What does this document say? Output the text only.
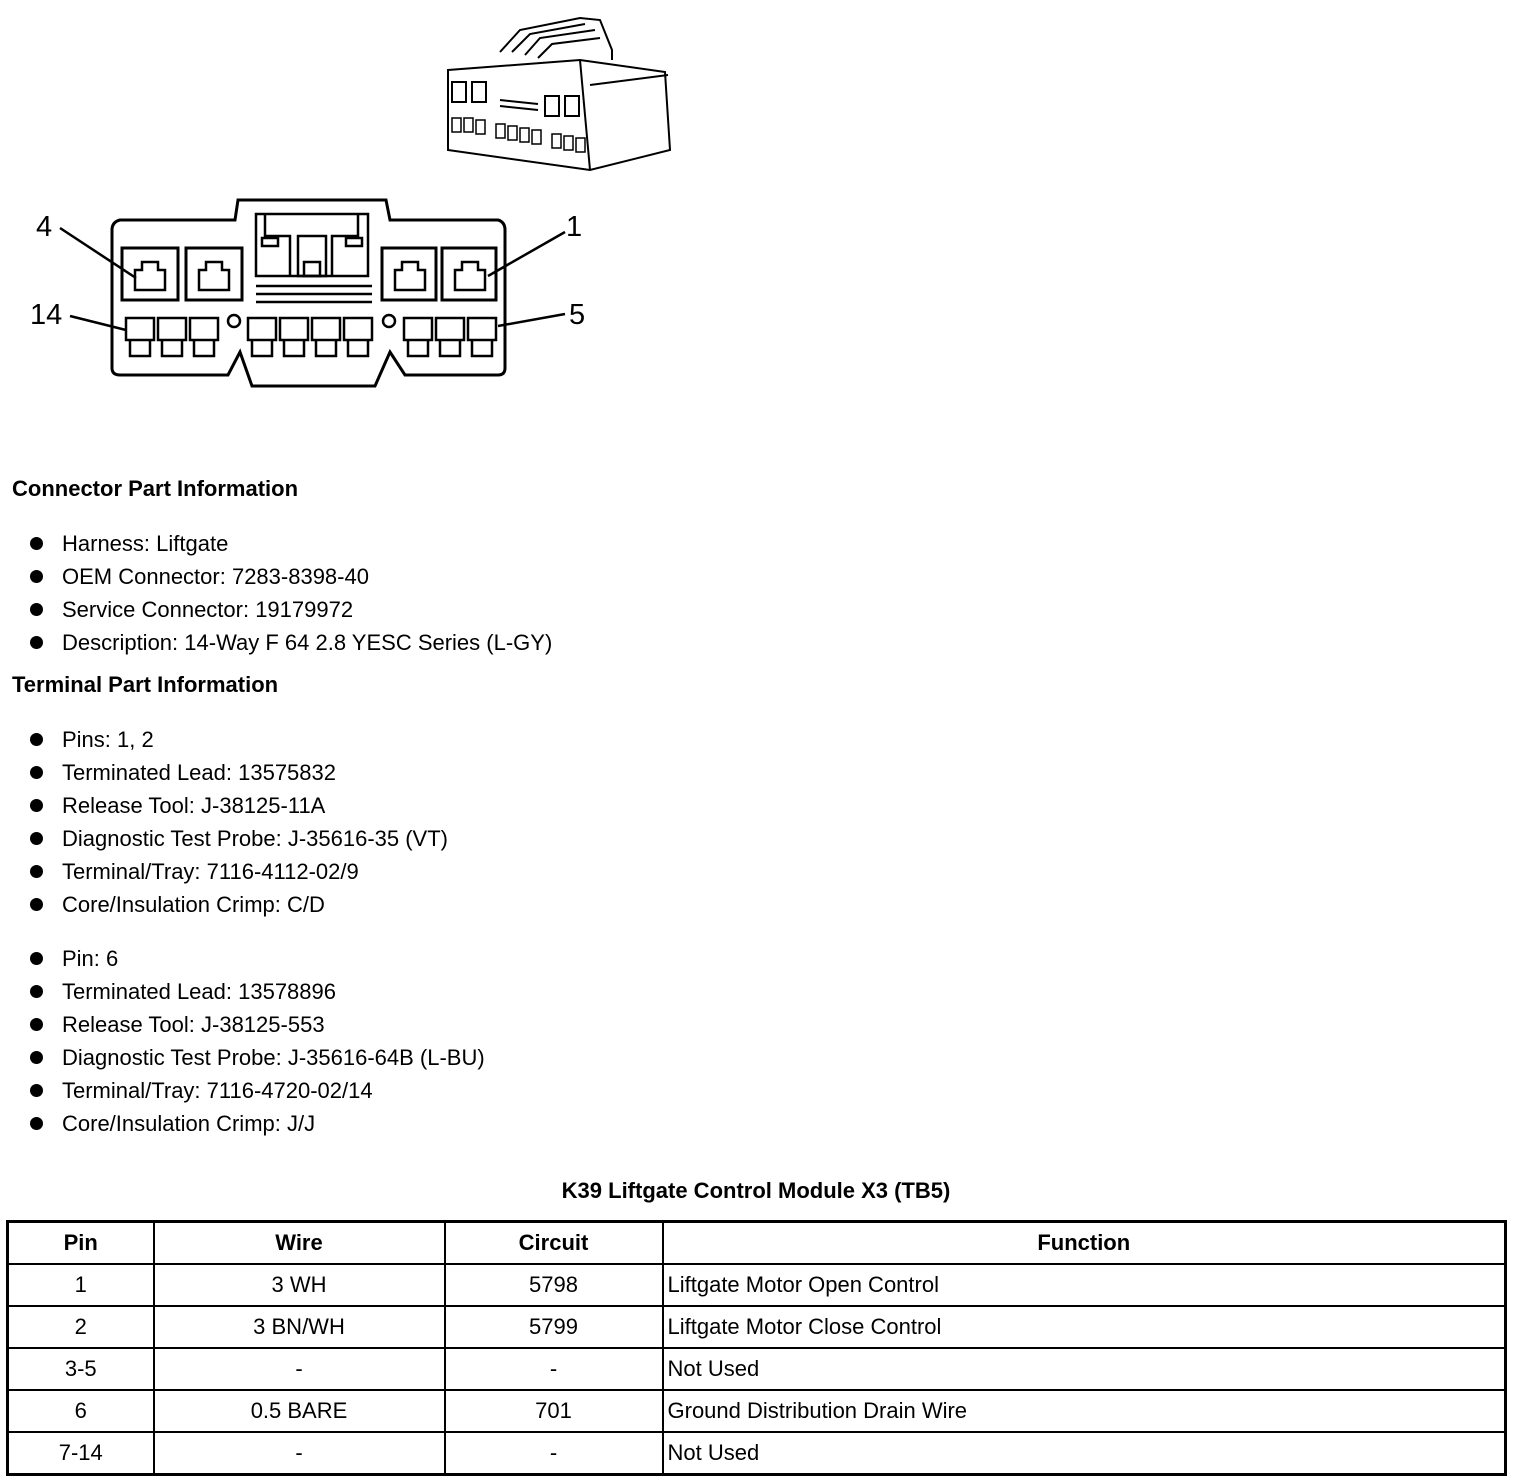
4	1
14	5
Connector Part Information
Harness: Liftgate
OEM Connector: 7283-8398-40
Service Connector: 19179972
Description: 14-Way F 64 2.8 YESC Series (L-GY)
Terminal Part Information
Pins: 1, 2
Terminated Lead: 13575832
Release Tool: J-38125-11A
Diagnostic Test Probe: J-35616-35 (VT)
Terminal/Tray: 7116-4112-02/9
Core/Insulation Crimp: C/D
Pin: 6
Terminated Lead: 13578896
Release Tool: J-38125-553
Diagnostic Test Probe: J-35616-64B (L-BU)
Terminal/Tray: 7116-4720-02/14
Core/Insulation Crimp: J/J
K39 Liftgate Control Module X3 (TB5)
Pin	Wire	Circuit	Function
1	3 WH	5798	Liftgate Motor Open Control
2	3 BN/WH	5799	Liftgate Motor Close Control
3-5	-	-	Not Used
6	0.5 BARE	701	Ground Distribution Drain Wire
7-14	-	-	Not Used
